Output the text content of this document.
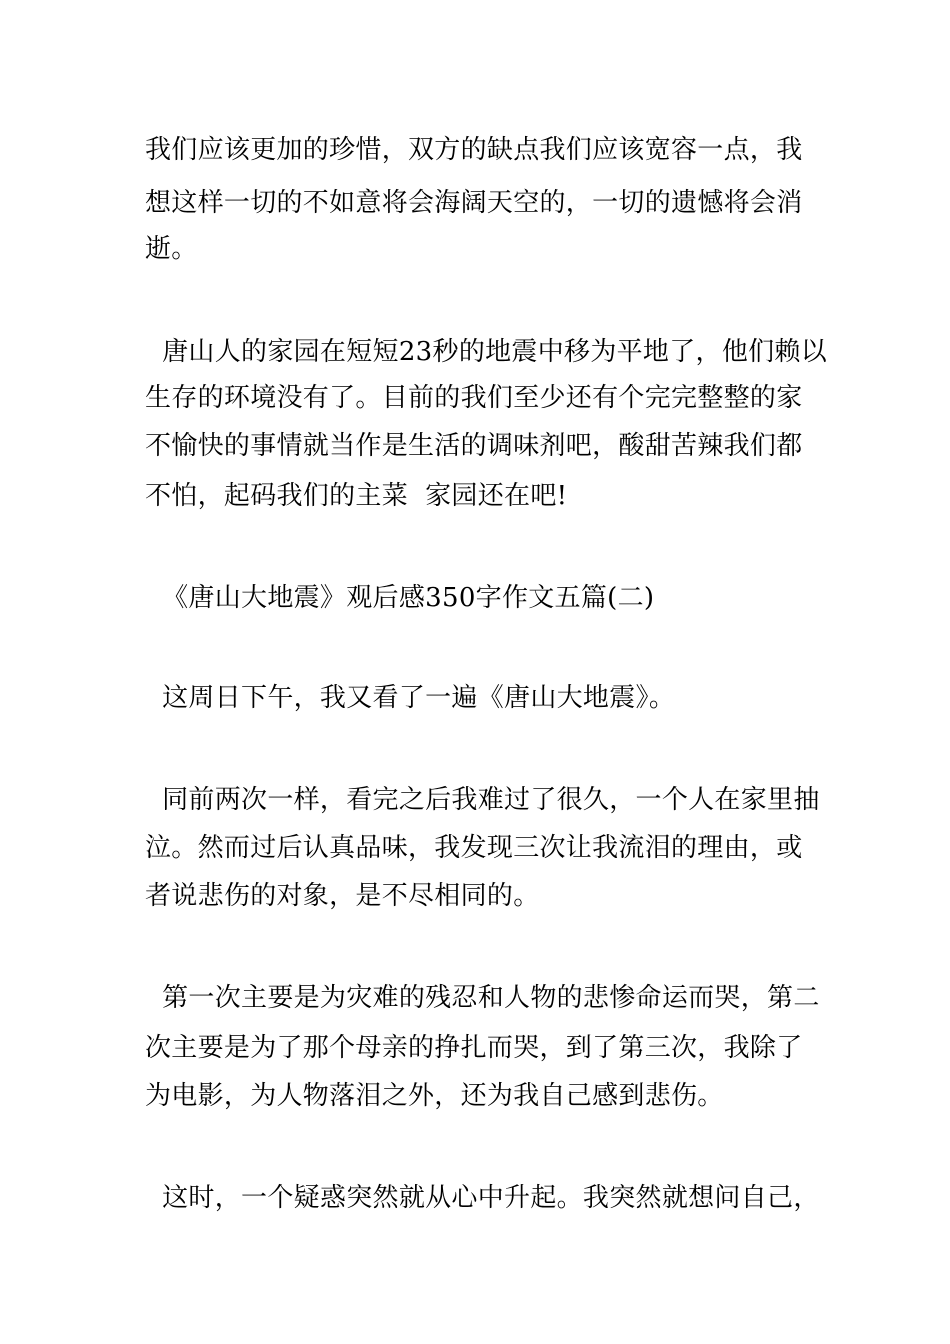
我们应该更加的珍惜，双方的缺点我们应该宽容一点，我
想这样一切的不如意将会海阔天空的，一切的遗憾将会消
逝。
唐山人的家园在短短23秒的地震中移为平地了，他们赖以
生存的环境没有了。目前的我们至少还有个完完整整的家
不愉快的事情就当作是生活的调味剂吧，酸甜苦辣我们都
不怕，起码我们的主菜  家园还在吧!
《唐山大地震》观后感350字作文五篇(二)
这周日下午，我又看了一遍《唐山大地震》。
同前两次一样，看完之后我难过了很久，一个人在家里抽
泣。然而过后认真品味，我发现三次让我流泪的理由，或
者说悲伤的对象，是不尽相同的。
第一次主要是为灾难的残忍和人物的悲惨命运而哭，第二
次主要是为了那个母亲的挣扎而哭，到了第三次，我除了
为电影，为人物落泪之外，还为我自己感到悲伤。
这时，一个疑惑突然就从心中升起。我突然就想问自己，
